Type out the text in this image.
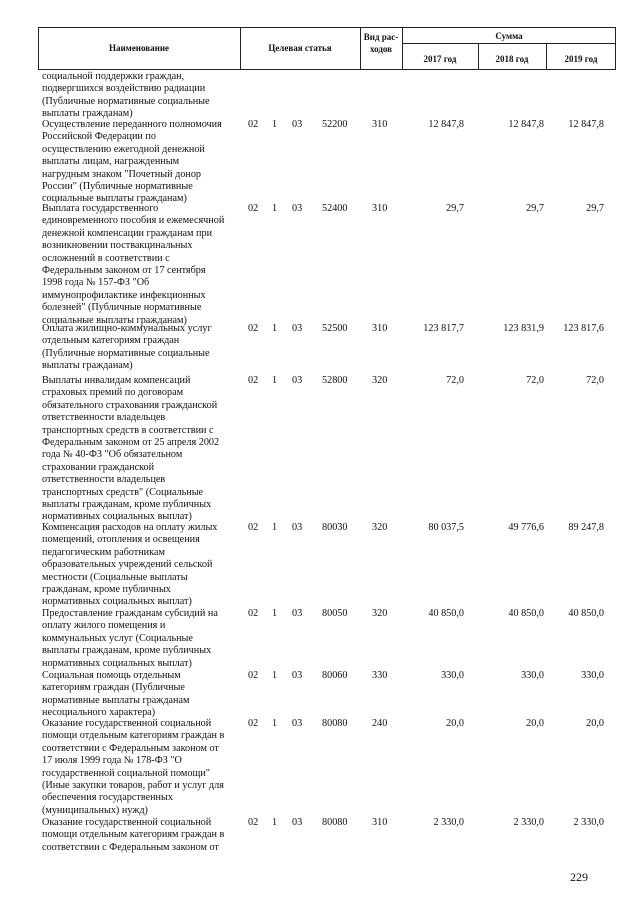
Наименование	Целевая статья
Вид рас-ходов
Сумма
2017 год	2018 год	2019 год
социальной поддержки граждан,
подвергшихся воздействию радиации
(Публичные нормативные социальные
выплаты гражданам)
Осуществление переданного полномочия
Российской Федерации по
осуществлению ежегодной денежной
выплаты лицам, награжденным
нагрудным знаком "Почетный донор
России" (Публичные нормативные
социальные выплаты гражданам)
02 1 03 52200 310	12 847,8	12 847,8	12 847,8
Выплата государственного
единовременного пособия и ежемесячной
денежной компенсации гражданам при
возникновении поствакцинальных
осложнений в соответствии с
Федеральным законом от 17 сентября
1998 года № 157-ФЗ "Об
иммунопрофилактике инфекционных
болезней" (Публичные нормативные
социальные выплаты гражданам)
02 1 03 52400 310	29,7	29,7	29,7
Оплата жилищно-коммунальных услуг
отдельным категориям граждан
(Публичные нормативные социальные
выплаты гражданам)
02 1 03 52500 310	123 817,7	123 831,9	123 817,6
Выплаты инвалидам компенсаций
страховых премий по договорам
обязательного страхования гражданской
ответственности владельцев
транспортных средств в соответствии с
Федеральным законом от 25 апреля 2002
года № 40-ФЗ "Об обязательном
страховании гражданской
ответственности владельцев
транспортных средств" (Социальные
выплаты гражданам, кроме публичных
нормативных социальных выплат)
02 1 03 52800 320	72,0	72,0	72,0
Компенсация расходов на оплату жилых
помещений, отопления и освещения
педагогическим работникам
образовательных учреждений сельской
местности (Социальные выплаты
гражданам, кроме публичных
нормативных социальных выплат)
02 1 03 80030 320	80 037,5	49 776,6	89 247,8
Предоставление гражданам субсидий на
оплату жилого помещения и
коммунальных услуг (Социальные
выплаты гражданам, кроме публичных
нормативных социальных выплат)
02 1 03 80050 320	40 850,0	40 850,0	40 850,0
Социальная помощь отдельным
категориям граждан (Публичные
нормативные выплаты гражданам
несоциального характера)
02 1 03 80060 330	330,0	330,0	330,0
Оказание государственной социальной
помощи отдельным категориям граждан в
соответствии с Федеральным законом от
17 июля 1999 года № 178-ФЗ "О
государственной социальной помощи"
(Иные закупки товаров, работ и услуг для
обеспечения государственных
(муниципальных) нужд)
02 1 03 80080 240	20,0	20,0	20,0
Оказание государственной социальной
помощи отдельным категориям граждан в
соответствии с Федеральным законом от
02 1 03 80080 310	2 330,0	2 330,0	2 330,0
229
